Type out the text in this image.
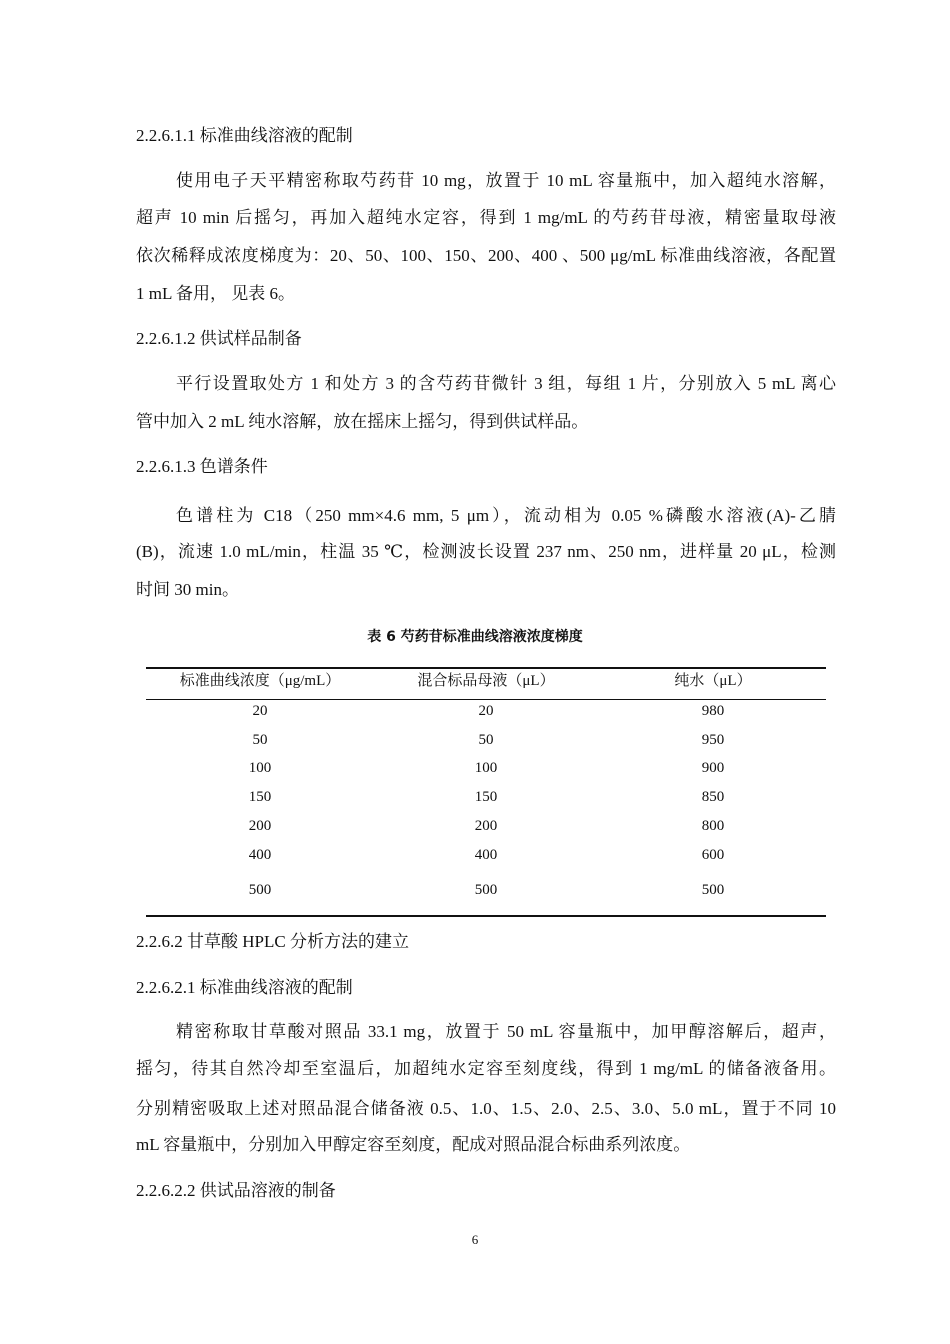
2.2.6.1.1 标准曲线溶液的配制
使用电子天平精密称取芍药苷 10 mg，放置于 10 mL 容量瓶中，加入超纯水溶解，
超声 10 min 后摇匀，再加入超纯水定容，得到 1 mg/mL 的芍药苷母液，精密量取母液
依次稀释成浓度梯度为：20、50、100、150、200、400 、500 μg/mL 标准曲线溶液，各配置
1 mL 备用， 见表 6。
2.2.6.1.2 供试样品制备
平行设置取处方 1 和处方 3 的含芍药苷微针 3 组，每组 1 片，分别放入 5 mL 离心
管中加入 2 mL 纯水溶解，放在摇床上摇匀，得到供试样品。
2.2.6.1.3 色谱条件
色谱柱为 C18（250 mm×4.6 mm, 5 μm），流动相为 0.05 %磷酸水溶液(A)-乙腈
(B)，流速 1.0 mL/min，柱温 35 ℃，检测波长设置 237 nm、250 nm，进样量 20 μL，检测
时间 30 min。
表 6 芍药苷标准曲线溶液浓度梯度
标准曲线浓度（μg/mL）	混合标品母液（μL）	纯水（μL）
20	20	980
50	50	950
100	100	900
150	150	850
200	200	800
400	400	600
500	500	500
2.2.6.2 甘草酸 HPLC 分析方法的建立
2.2.6.2.1 标准曲线溶液的配制
精密称取甘草酸对照品 33.1 mg，放置于 50 mL 容量瓶中，加甲醇溶解后，超声，
摇匀，待其自然冷却至室温后，加超纯水定容至刻度线，得到 1 mg/mL 的储备液备用。
分别精密吸取上述对照品混合储备液 0.5、1.0、1.5、2.0、2.5、3.0、5.0 mL，置于不同 10
mL 容量瓶中，分别加入甲醇定容至刻度，配成对照品混合标曲系列浓度。
2.2.6.2.2 供试品溶液的制备
6
